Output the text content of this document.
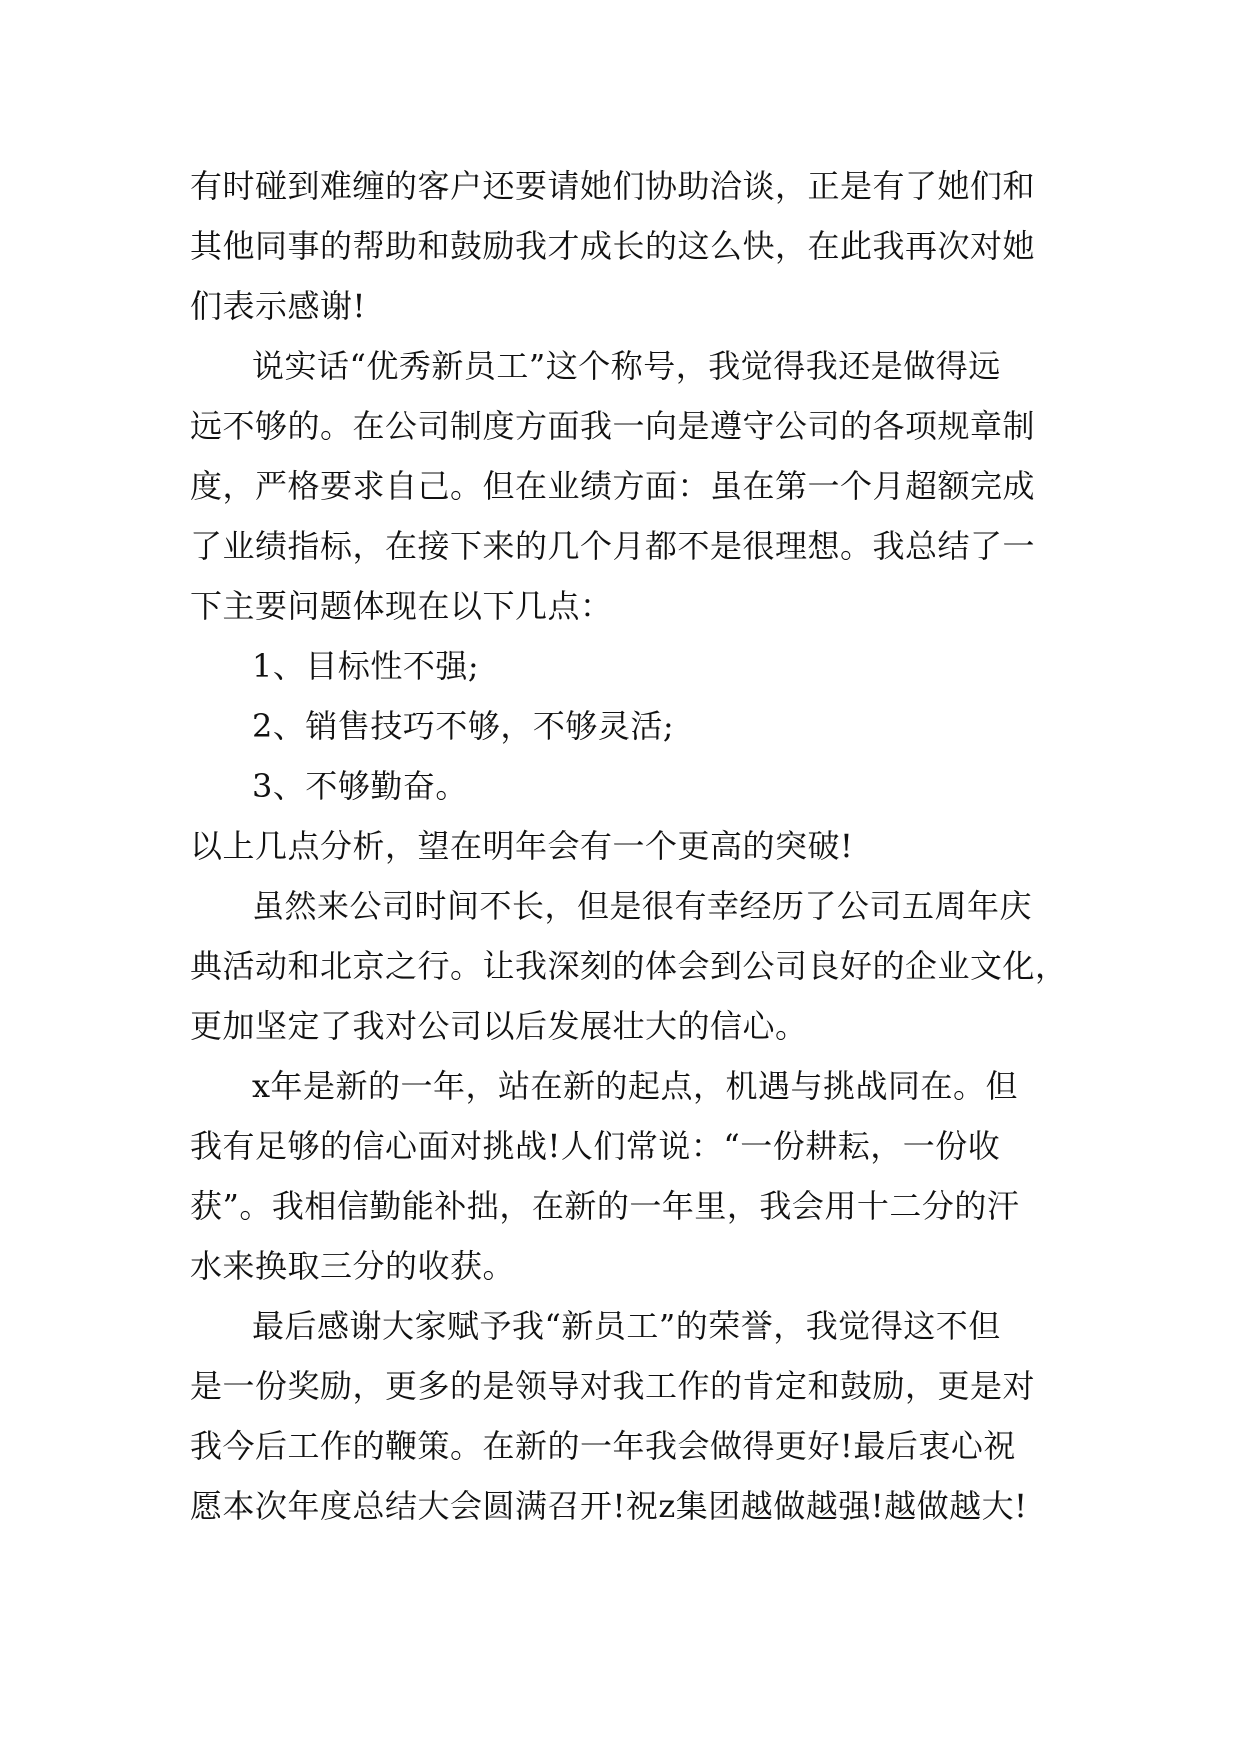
有时碰到难缠的客户还要请她们协助洽谈，正是有了她们和
其他同事的帮助和鼓励我才成长的这么快，在此我再次对她
们表示感谢!
说实话“优秀新员工”这个称号，我觉得我还是做得远
远不够的。在公司制度方面我一向是遵守公司的各项规章制
度，严格要求自己。但在业绩方面：虽在第一个月超额完成
了业绩指标，在接下来的几个月都不是很理想。我总结了一
下主要问题体现在以下几点：
1、目标性不强;
2、销售技巧不够，不够灵活;
3、不够勤奋。
以上几点分析，望在明年会有一个更高的突破!
虽然来公司时间不长，但是很有幸经历了公司五周年庆
典活动和北京之行。让我深刻的体会到公司良好的企业文化，
更加坚定了我对公司以后发展壮大的信心。
x年是新的一年，站在新的起点，机遇与挑战同在。但
我有足够的信心面对挑战!人们常说：“一份耕耘，一份收
获”。我相信勤能补拙，在新的一年里，我会用十二分的汗
水来换取三分的收获。
最后感谢大家赋予我“新员工”的荣誉，我觉得这不但
是一份奖励，更多的是领导对我工作的肯定和鼓励，更是对
我今后工作的鞭策。在新的一年我会做得更好!最后衷心祝
愿本次年度总结大会圆满召开!祝z集团越做越强!越做越大!
